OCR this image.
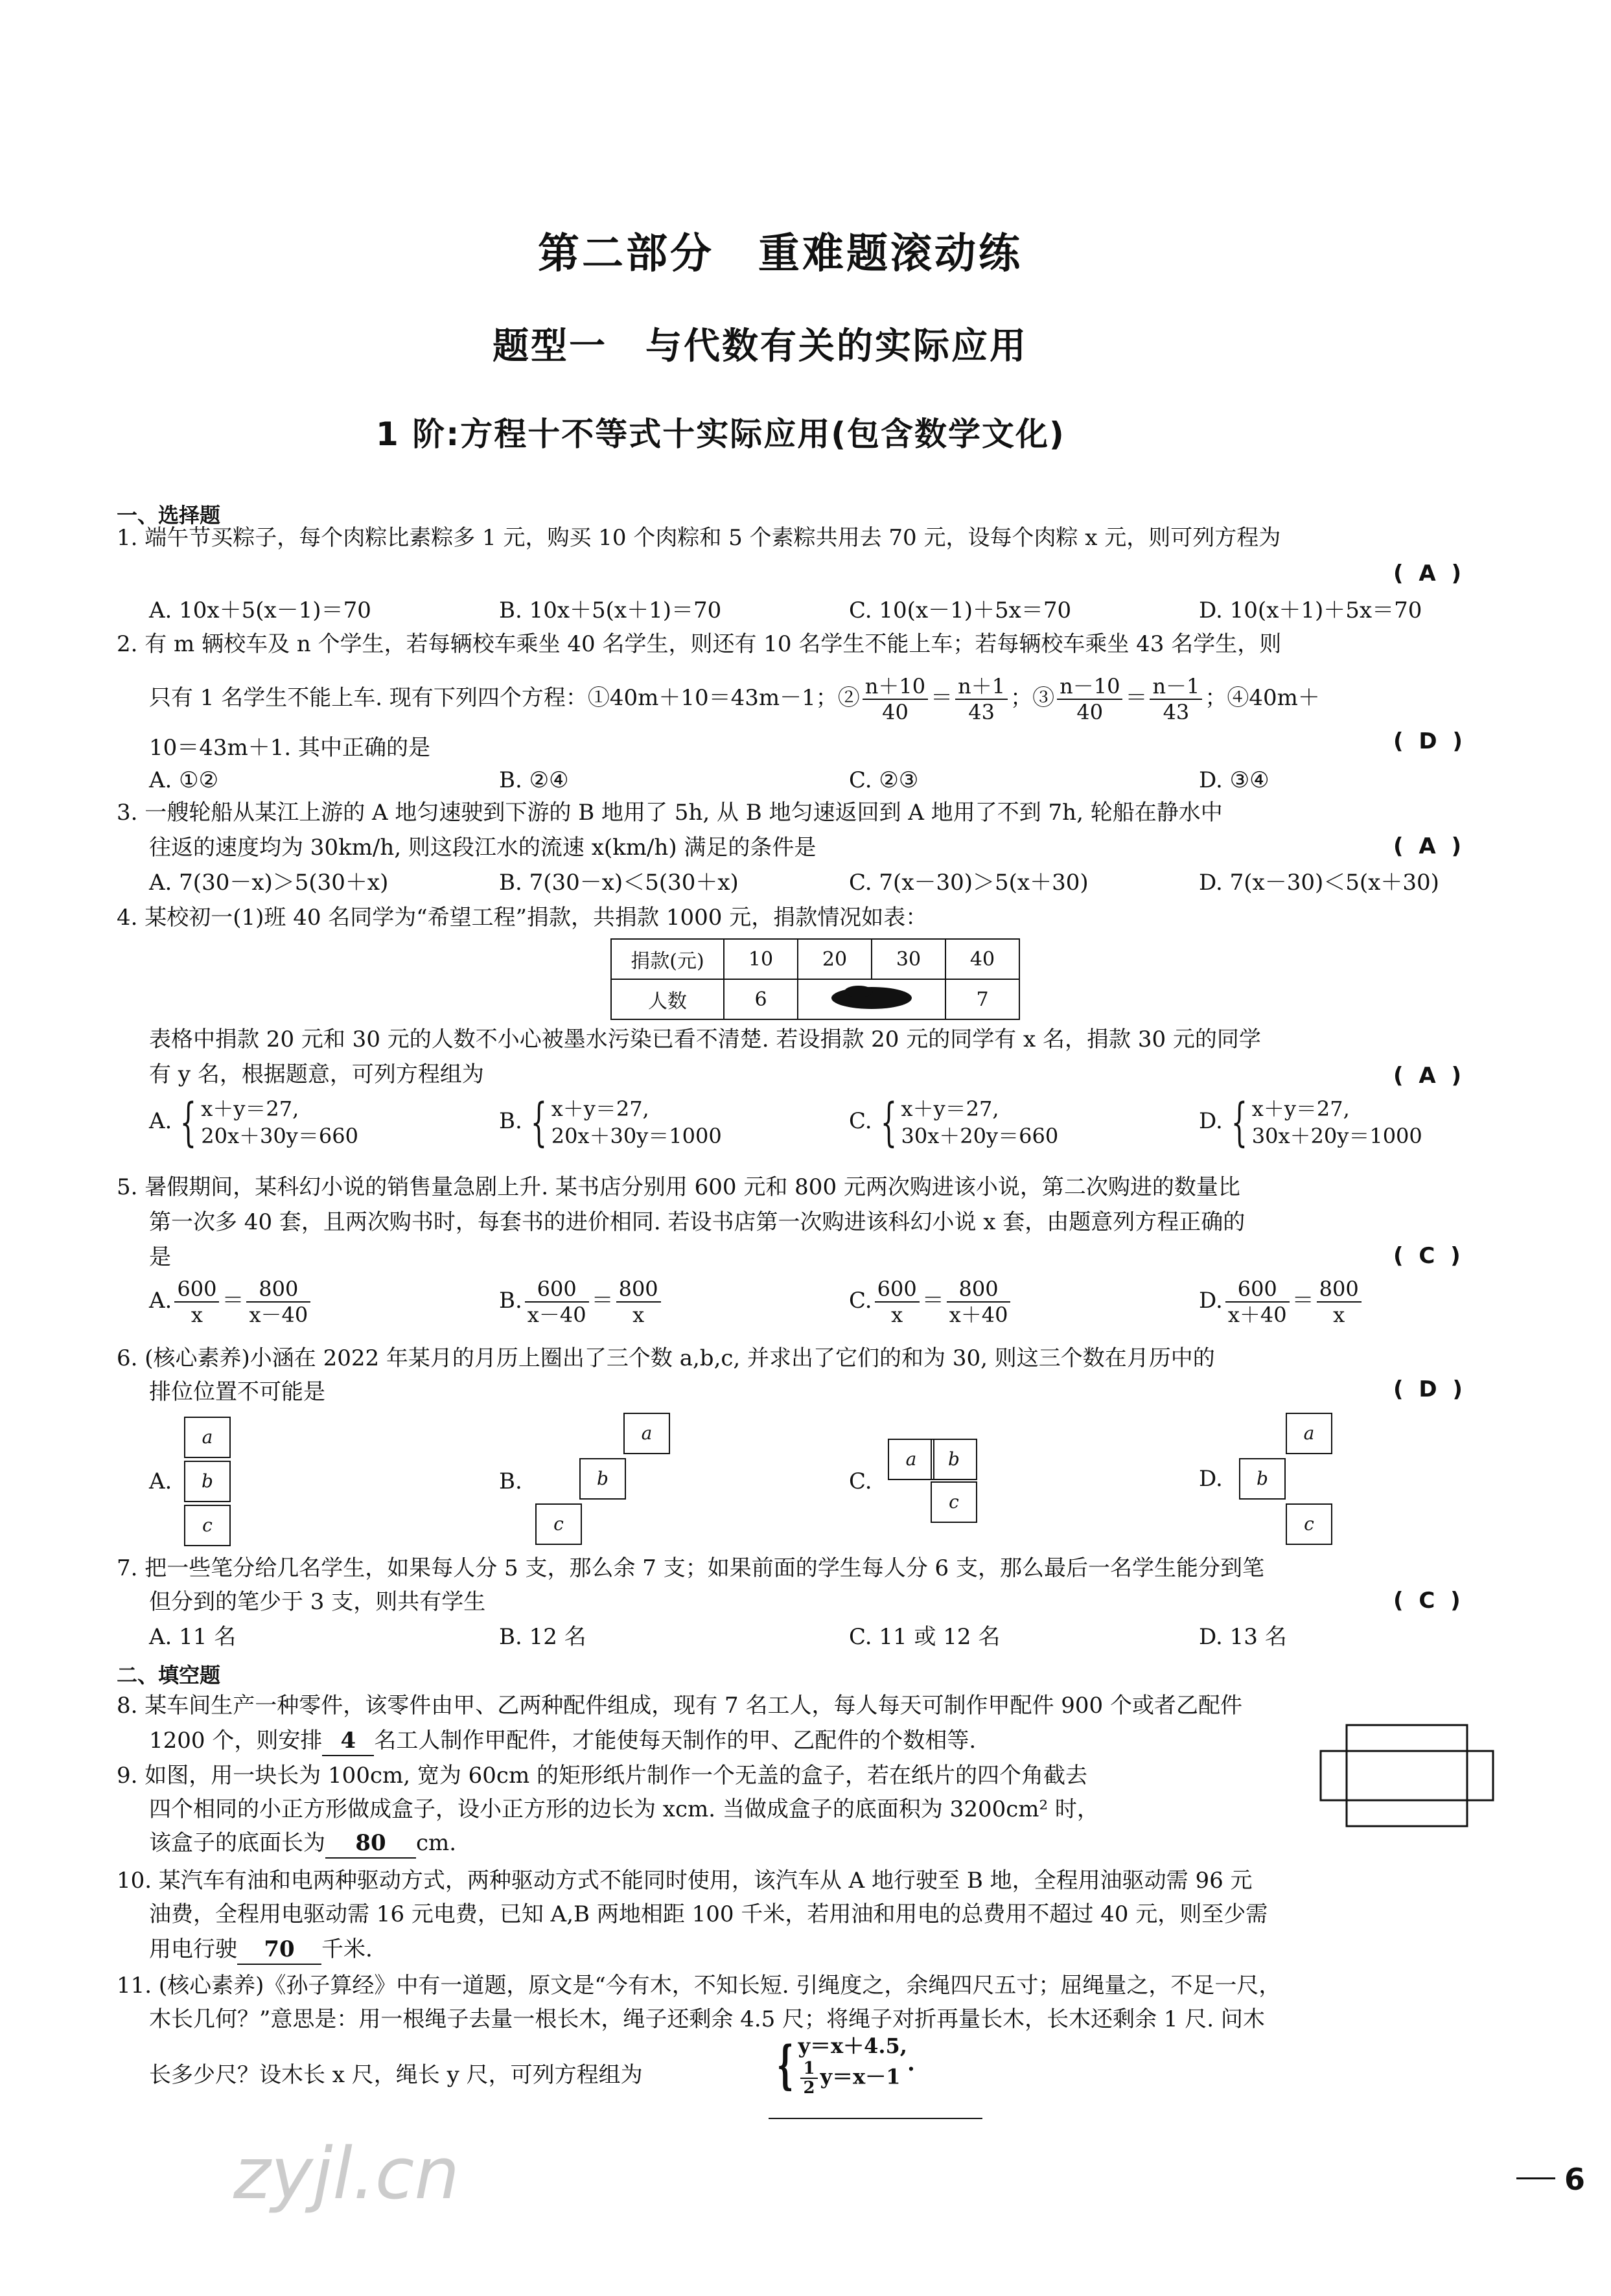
第二部分　重难题滚动练
题型一　与代数有关的实际应用
1 阶:方程十不等式十实际应用(包含数学文化)
一、选择题
1. 端午节买粽子，每个肉粽比素粽多 1 元，购买 10 个肉粽和 5 个素粽共用去 70 元，设每个肉粽 x 元，则可列方程为
( A )
A. 10x＋5(x－1)＝70	B. 10x＋5(x＋1)＝70	C. 10(x－1)＋5x＝70	D. 10(x＋1)＋5x＝70
2. 有 m 辆校车及 n 个学生，若每辆校车乘坐 40 名学生，则还有 10 名学生不能上车；若每辆校车乘坐 43 名学生，则
只有 1 名学生不能上车. 现有下列四个方程：①40m＋10＝43m－1；② $\frac{n+10}{40} = \frac{n+1}{43}$ ；③ $\frac{n-10}{40} = \frac{n-1}{43}$ ；④40m＋
10＝43m＋1. 其中正确的是	( D )
A. ①②	B. ②④	C. ②③	D. ③④
3. 一艘轮船从某江上游的 A 地匀速驶到下游的 B 地用了 5h, 从 B 地匀速返回到 A 地用了不到 7h, 轮船在静水中
往返的速度均为 30km/h, 则这段江水的流速 x(km/h) 满足的条件是	( A )
A. 7(30－x)＞5(30＋x)	B. 7(30－x)＜5(30＋x)	C. 7(x－30)＞5(x＋30)	D. 7(x－30)＜5(x＋30)
4. 某校初一(1)班 40 名同学为“希望工程”捐款，共捐款 1000 元，捐款情况如表：
捐款(元)	10	20	30	40
人数	6			7
表格中捐款 20 元和 30 元的人数不小心被墨水污染已看不清楚. 若设捐款 20 元的同学有 x 名，捐款 30 元的同学
有 y 名，根据题意，可列方程组为	( A )
A. { x＋y＝27,
20x＋30y＝660
B. { x＋y＝27,
20x＋30y＝1000
C. { x＋y＝27,
30x＋20y＝660
D. { x＋y＝27,
30x＋20y＝1000
5. 暑假期间，某科幻小说的销售量急剧上升. 某书店分别用 600 元和 800 元两次购进该小说，第二次购进的数量比
第一次多 40 套，且两次购书时，每套书的进价相同. 若设书店第一次购进该科幻小说 x 套，由题意列方程正确的
是	( C )
A. $\frac{600}{x} = \frac{800}{x-40}$	B. $\frac{600}{x-40} = \frac{800}{x}$	C. $\frac{600}{x} = \frac{800}{x+40}$	D. $\frac{600}{x+40} = \frac{800}{x}$
6. (核心素养)小涵在 2022 年某月的月历上圈出了三个数 a,b,c, 并求出了它们的和为 30, 则这三个数在月历中的
排位位置不可能是	( D )
A.
a
b
c
B.
a
b
c
C.
a	b
c
D.
a
b
c
7. 把一些笔分给几名学生，如果每人分 5 支，那么余 7 支；如果前面的学生每人分 6 支，那么最后一名学生能分到笔
但分到的笔少于 3 支，则共有学生	( C )
A. 11 名	B. 12 名	C. 11 或 12 名	D. 13 名
二、填空题
8. 某车间生产一种零件，该零件由甲、乙两种配件组成，现有 7 名工人，每人每天可制作甲配件 900 个或者乙配件
1200 个，则安排 4 名工人制作甲配件，才能使每天制作的甲、乙配件的个数相等.
9. 如图，用一块长为 100cm, 宽为 60cm 的矩形纸片制作一个无盖的盒子，若在纸片的四个角截去
四个相同的小正方形做成盒子，设小正方形的边长为 xcm. 当做成盒子的底面积为 3200cm² 时，
该盒子的底面长为 80 cm.
10. 某汽车有油和电两种驱动方式，两种驱动方式不能同时使用，该汽车从 A 地行驶至 B 地，全程用油驱动需 96 元
油费，全程用电驱动需 16 元电费，已知 A,B 两地相距 100 千米，若用油和用电的总费用不超过 40 元，则至少需
用电行驶 70 千米.
11. (核心素养)《孙子算经》中有一道题，原文是“今有木，不知长短. 引绳度之，余绳四尺五寸；屈绳量之，不足一尺，
木长几何？”意思是：用一根绳子去量一根长木，绳子还剩余 4.5 尺；将绳子对折再量长木，长木还剩余 1 尺. 问木
长多少尺？设木长 x 尺，绳长 y 尺，可列方程组为	{ y＝x＋4.5,
$\frac{1}{2} y=x-1$
.
zyjl.cn	6
